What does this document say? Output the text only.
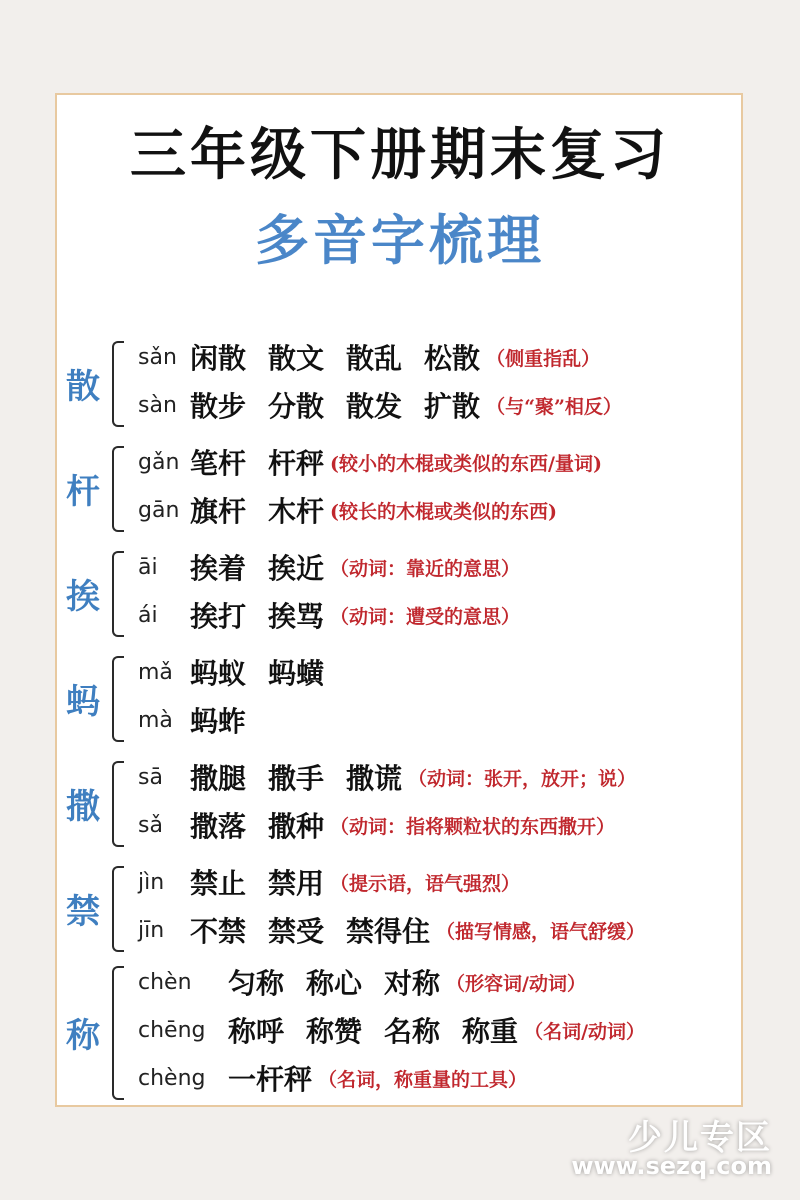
三年级下册期末复习
多音字梳理
散
sǎn 闲散 散文 散乱 松散 （侧重指乱）
sàn 散步 分散 散发 扩散 （与“聚”相反）
杆
gǎn 笔杆 杆秤 (较小的木棍或类似的东西/量词)
gān 旗杆 木杆 (较长的木棍或类似的东西)
挨
āi	挨着 挨近 （动词：靠近的意思）
ái	挨打 挨骂 （动词：遭受的意思）
蚂
mǎ 蚂蚁 蚂蟥
mà 蚂蚱
撒
sā 撒腿 撒手 撒谎 （动词：张开，放开；说）
sǎ 撒落 撒种 （动词：指将颗粒状的东西撒开）
禁
jìn 禁止 禁用 （提示语，语气强烈）
jīn 不禁 禁受 禁得住 （描写情感，语气舒缓）
称
chèn	匀称 称心 对称 （形容词/动词）
chēng 称呼 称赞 名称 称重 （名词/动词）
chèng 一杆秤 （名词，称重量的工具）
少儿专区
www.sezq.com
